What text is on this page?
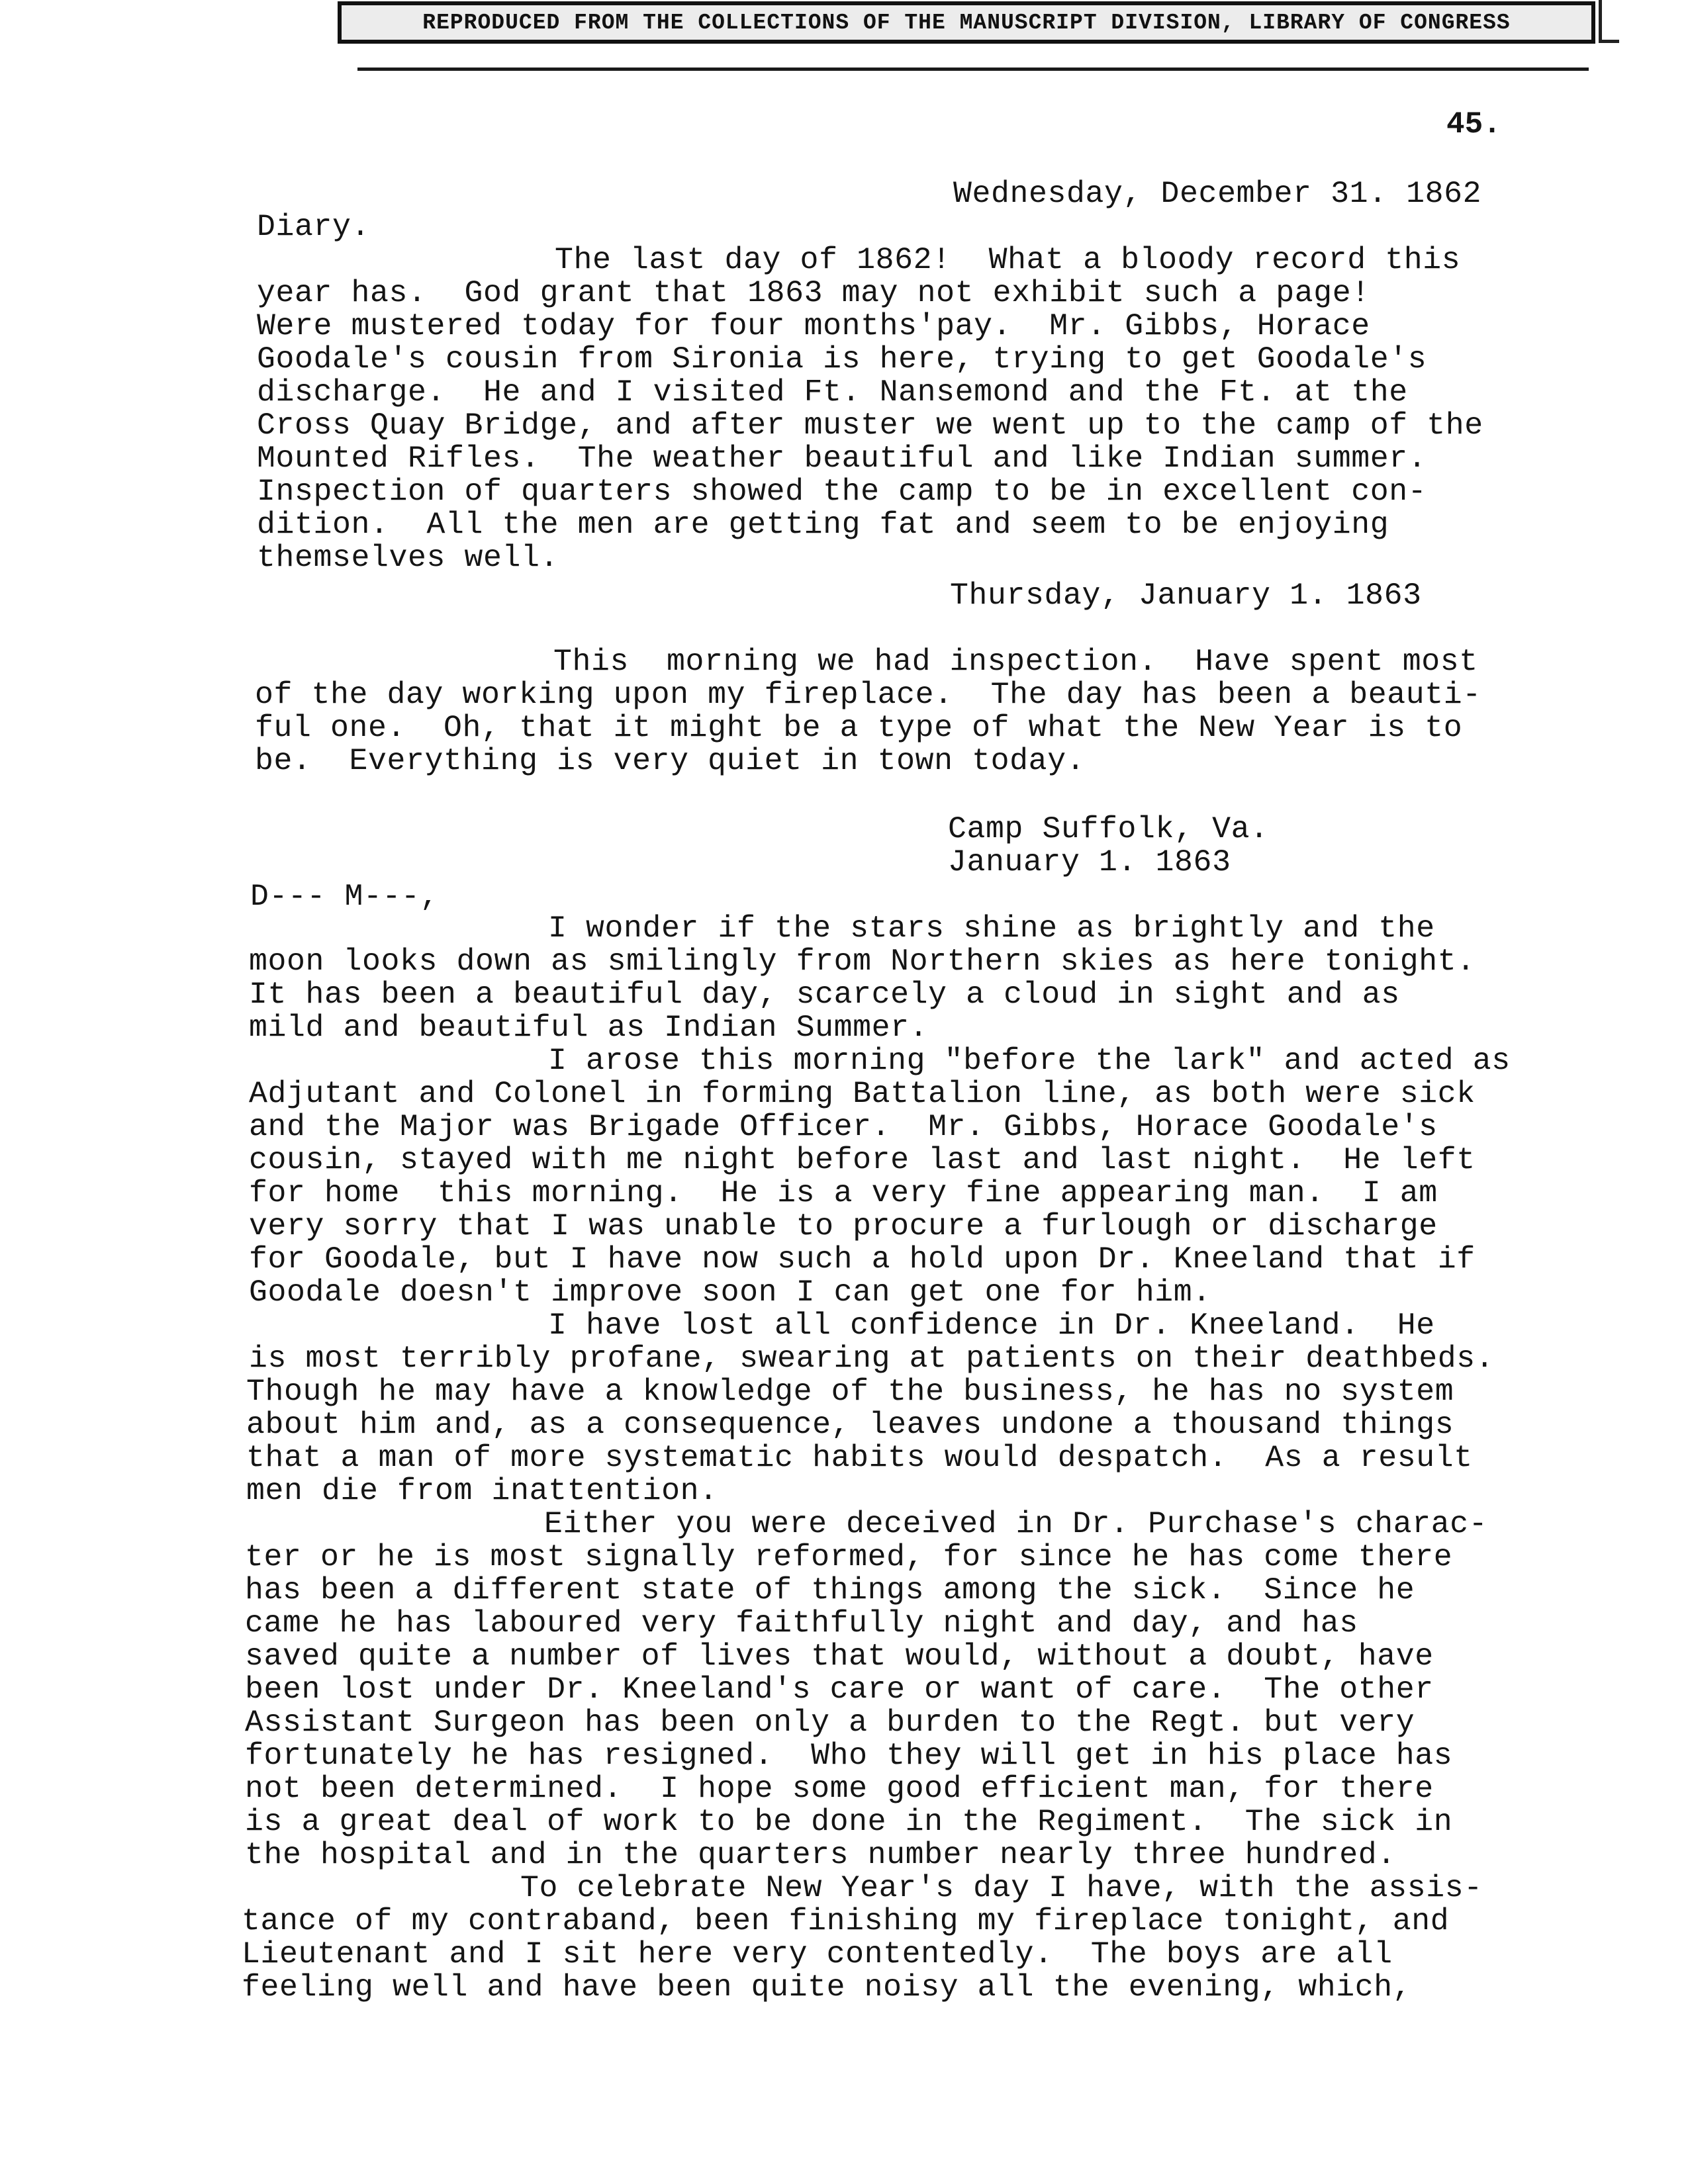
REPRODUCED FROM THE COLLECTIONS OF THE MANUSCRIPT DIVISION, LIBRARY OF CONGRESS
45.
Wednesday, December 31. 1862
Diary.
The last day of 1862!  What a bloody record this
year has.  God grant that 1863 may not exhibit such a page!
Were mustered today for four months'pay.  Mr. Gibbs, Horace
Goodale's cousin from Sironia is here, trying to get Goodale's
discharge.  He and I visited Ft. Nansemond and the Ft. at the
Cross Quay Bridge, and after muster we went up to the camp of the
Mounted Rifles.  The weather beautiful and like Indian summer.
Inspection of quarters showed the camp to be in excellent con-
dition.  All the men are getting fat and seem to be enjoying
themselves well.
Thursday, January 1. 1863
This  morning we had inspection.  Have spent most
of the day working upon my fireplace.  The day has been a beauti-
ful one.  Oh, that it might be a type of what the New Year is to
be.  Everything is very quiet in town today.
Camp Suffolk, Va.
January 1. 1863
D--- M---,
I wonder if the stars shine as brightly and the
moon looks down as smilingly from Northern skies as here tonight.
It has been a beautiful day, scarcely a cloud in sight and as
mild and beautiful as Indian Summer.
I arose this morning "before the lark" and acted as
Adjutant and Colonel in forming Battalion line, as both were sick
and the Major was Brigade Officer.  Mr. Gibbs, Horace Goodale's
cousin, stayed with me night before last and last night.  He left
for home  this morning.  He is a very fine appearing man.  I am
very sorry that I was unable to procure a furlough or discharge
for Goodale, but I have now such a hold upon Dr. Kneeland that if
Goodale doesn't improve soon I can get one for him.
I have lost all confidence in Dr. Kneeland.  He
is most terribly profane, swearing at patients on their deathbeds.
Though he may have a knowledge of the business, he has no system
about him and, as a consequence, leaves undone a thousand things
that a man of more systematic habits would despatch.  As a result
men die from inattention.
Either you were deceived in Dr. Purchase's charac-
ter or he is most signally reformed, for since he has come there
has been a different state of things among the sick.  Since he
came he has laboured very faithfully night and day, and has
saved quite a number of lives that would, without a doubt, have
been lost under Dr. Kneeland's care or want of care.  The other
Assistant Surgeon has been only a burden to the Regt. but very
fortunately he has resigned.  Who they will get in his place has
not been determined.  I hope some good efficient man, for there
is a great deal of work to be done in the Regiment.  The sick in
the hospital and in the quarters number nearly three hundred.
To celebrate New Year's day I have, with the assis-
tance of my contraband, been finishing my fireplace tonight, and
Lieutenant and I sit here very contentedly.  The boys are all
feeling well and have been quite noisy all the evening, which,
